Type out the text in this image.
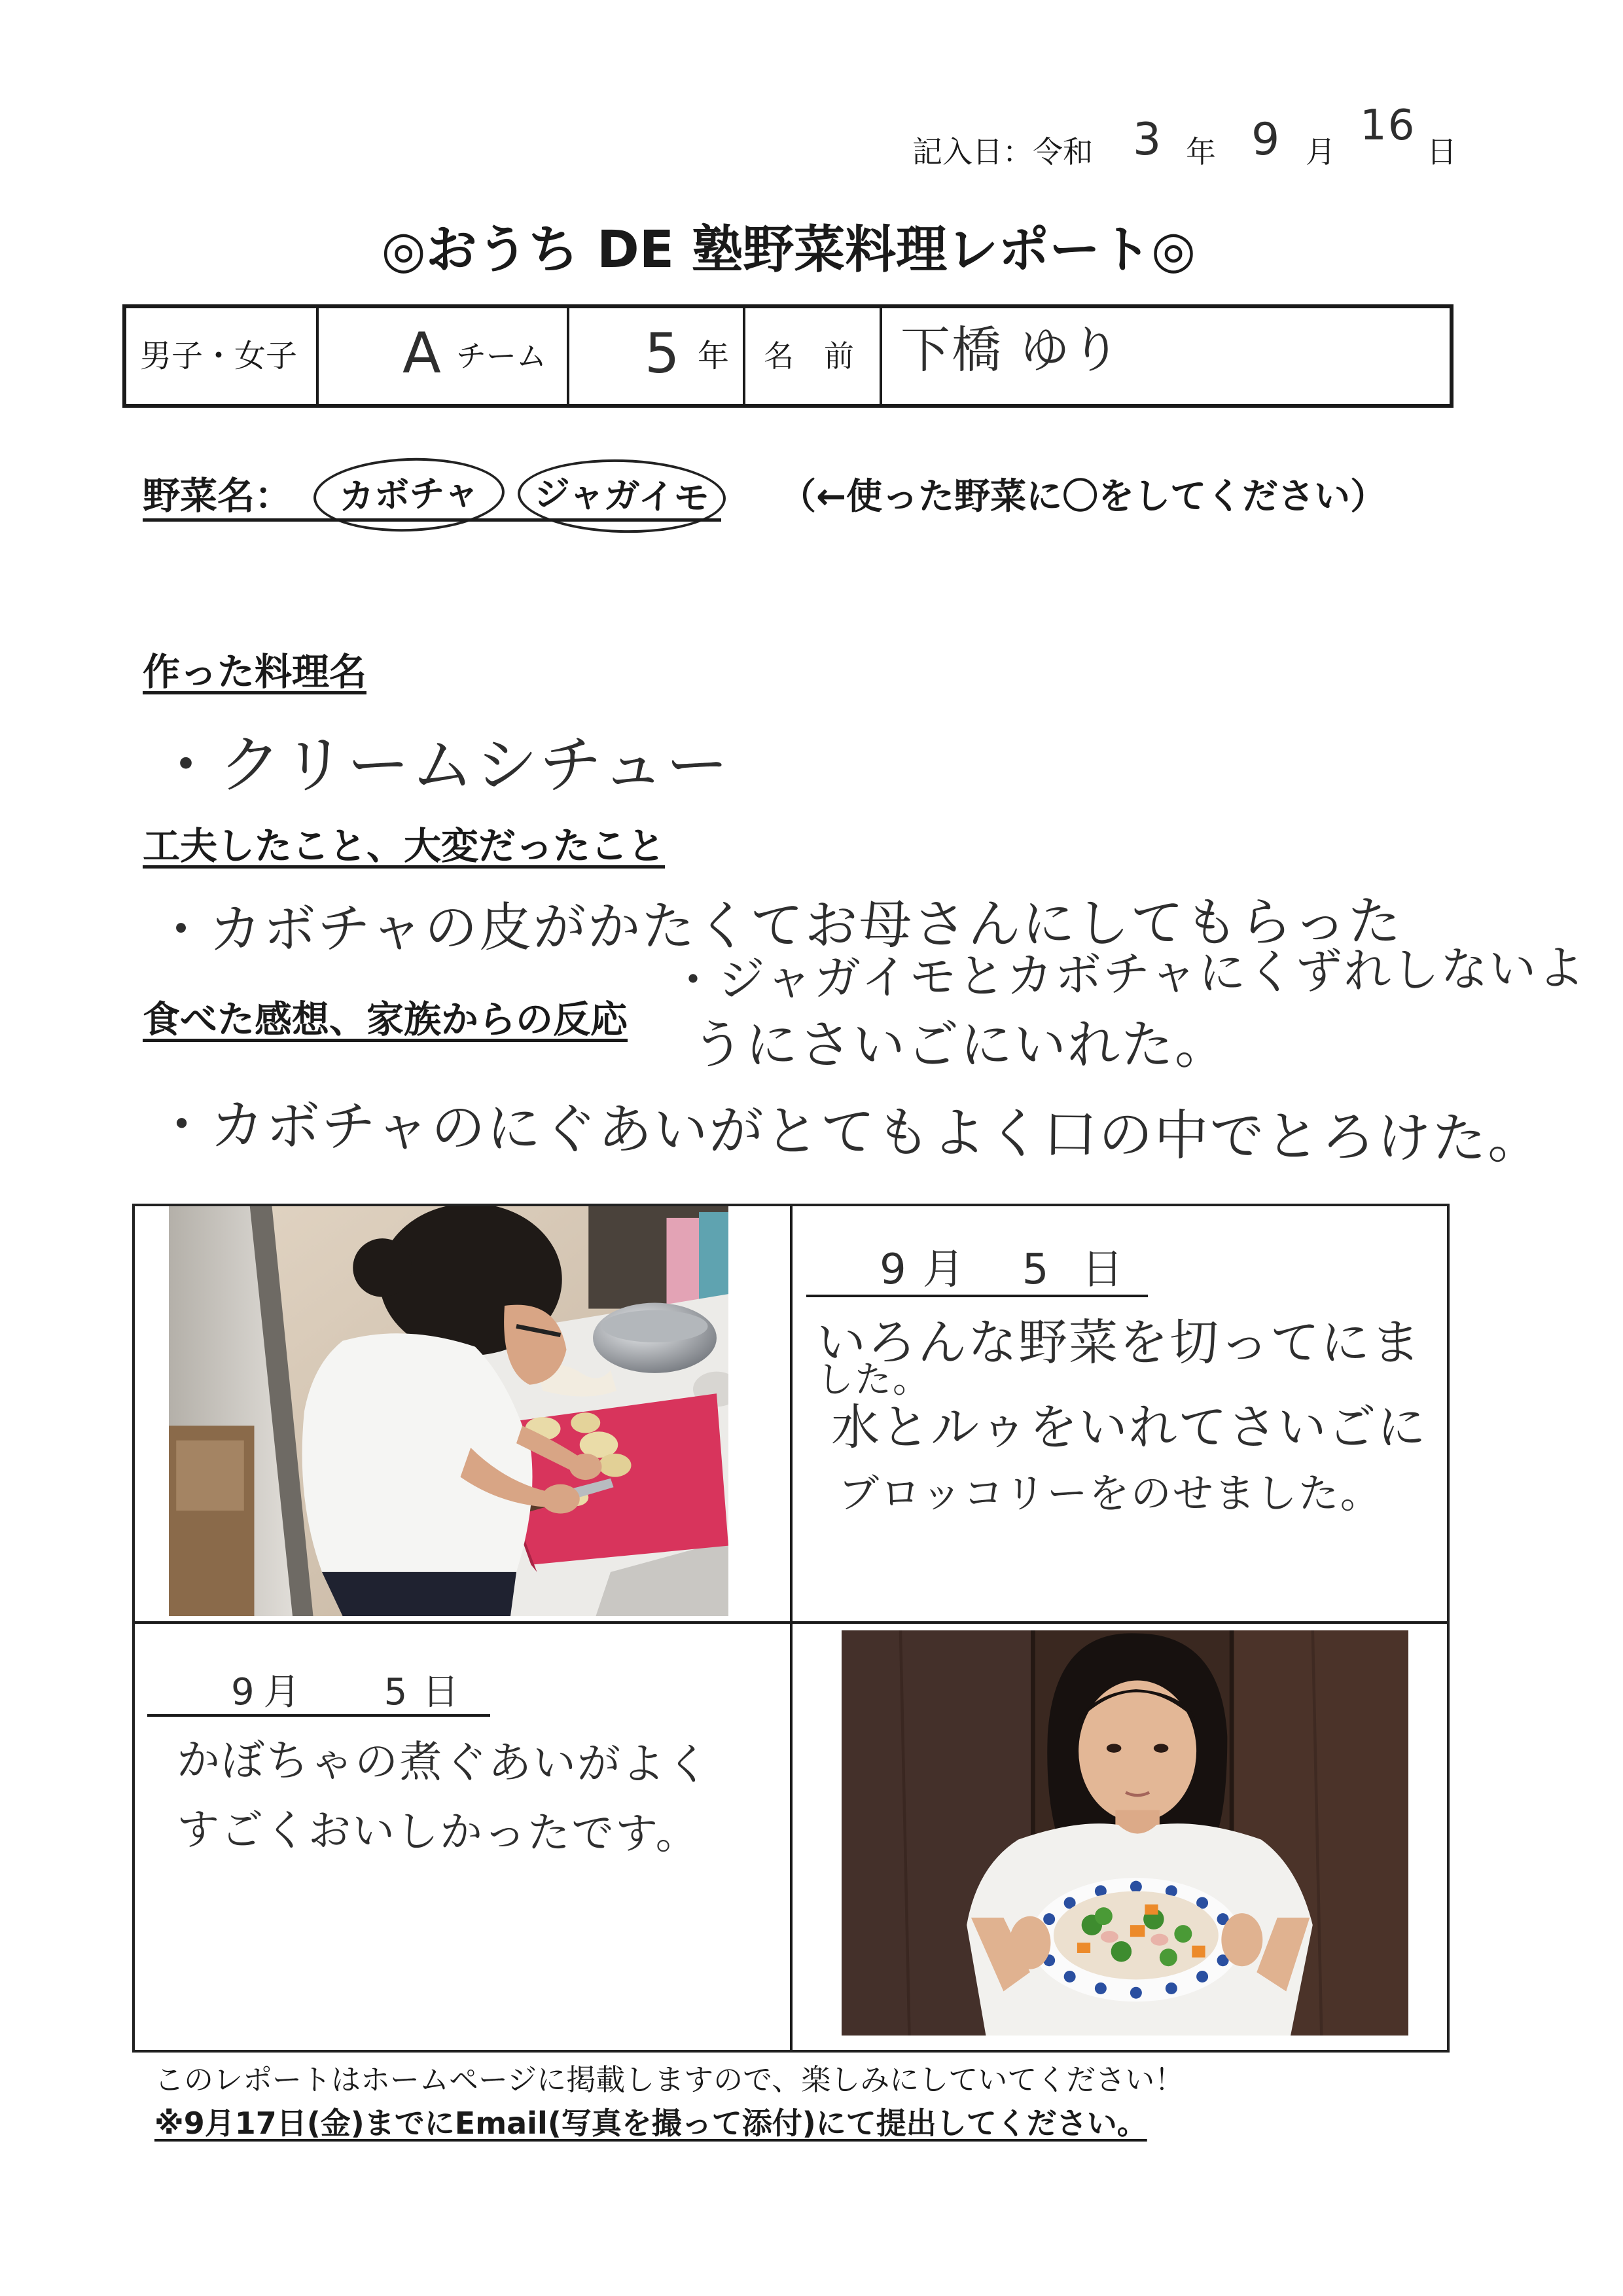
記入日：令和 3 年 9 月
16
日
◎おうち DE 塾野菜料理レポート◎
男子・女子 A チーム 5 年 名　前 下橋 ゆり
野菜名： カボチャ ジャガイモ （←使った野菜に〇をしてください）
作った料理名
・クリームシチュー
工夫したこと、大変だったこと
・カボチャの皮がかたくてお母さんにしてもらった
・ジャガイモとカボチャにくずれしないよ
うにさいごにいれた。
食べた感想、家族からの反応
・カボチャのにぐあいがとてもよく口の中でとろけた。
9 月 5 日
いろんな野菜を切ってにま
した。
水とルゥをいれてさいごに
ブロッコリーをのせました。
9 月 5 日
かぼちゃの煮ぐあいがよく
すごくおいしかったです。
このレポートはホームページに掲載しますので、楽しみにしていてください！
※9月17日(金)までにEmail(写真を撮って添付)にて提出してください。
